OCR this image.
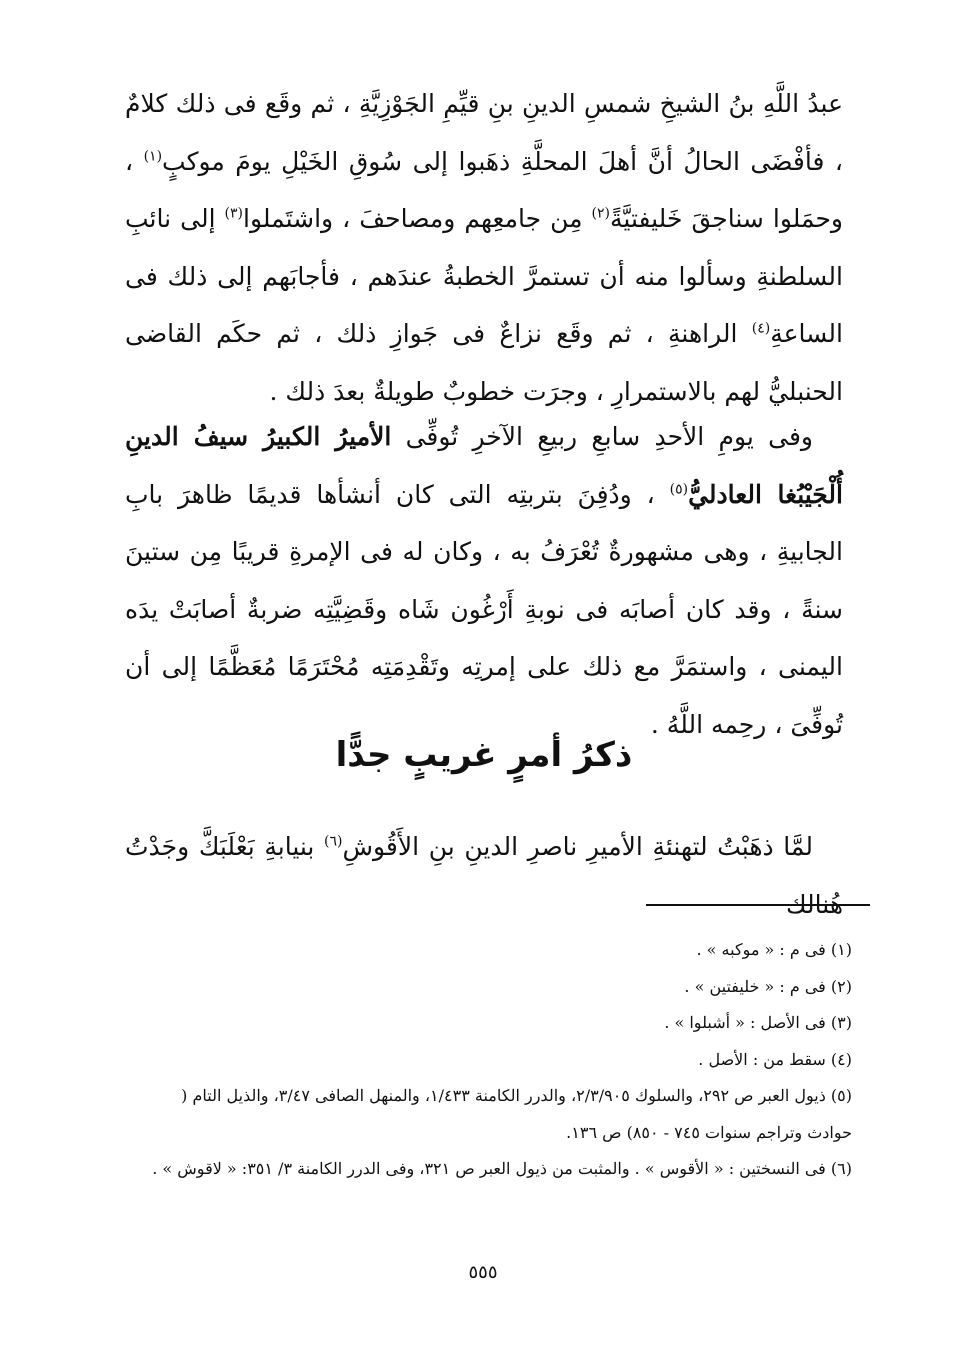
عبدُ اللَّهِ بنُ الشيخِ شمسِ الدينِ بنِ قيِّمِ الجَوْزِيَّةِ ، ثم وقَع فى ذلك كلامٌ ، فأفْضَى الحالُ أنَّ أهلَ المحلَّةِ ذهَبوا إلى سُوقِ الخَيْلِ يومَ موكبٍ$^{(١)}$ ، وحمَلوا سناجقَ خَليفتيَّةً$^{(٢)}$ مِن جامعِهم ومصاحفَ ، واشتَملوا$^{(٣)}$ إلى نائبِ السلطنةِ وسألوا منه أن تستمرَّ الخطبةُ عندَهم ، فأجابَهم إلى ذلك فى الساعةِ$^{(٤)}$ الراهنةِ ، ثم وقَع نزاعٌ فى جَوازِ ذلك ، ثم حكَم القاضى الحنبليُّ لهم بالاستمرارِ ، وجرَت خطوبٌ طويلةٌ بعدَ ذلك .
وفى يومِ الأحدِ سابعِ ربيعِ الآخرِ تُوفِّى الأميرُ الكبيرُ سيفُ الدينِ أُلْجَيْبُغا العادليُّ$^{(٥)}$ ، ودُفِنَ بتربتِه التى كان أنشأها قديمًا ظاهرَ بابِ الجابيةِ ، وهى مشهورةٌ تُعْرَفُ به ، وكان له فى الإمرةِ قريبًا مِن ستينَ سنةً ، وقد كان أصابَه فى نوبةِ أَرْغُون شَاه وقَضِيَّتِه ضربةٌ أصابَتْ يدَه اليمنى ، واستمَرَّ مع ذلك على إمرتِه وتَقْدِمَتِه مُحْتَرَمًا مُعَظَّمًا إلى أن تُوفِّىَ ، رحِمه اللَّهُ .
ذكرُ أمرٍ غريبٍ جدًّا
لمَّا ذهَبْتُ لتهنئةِ الأميرِ ناصرِ الدينِ بنِ الأَقُوشِ$^{(٦)}$ بنيابةِ بَعْلَبَكَّ وجَدْتُ هُنالك

(١) فى م : « موكبه » .

(٢) فى م : « خليفتين » .

(٣) فى الأصل : « أشبلوا » .

(٤) سقط من : الأصل .

(٥) ذيول العبر ص ٢٩٢، والسلوك ٢/٣/٩٠٥، والدرر الكامنة ١/٤٣٣، والمنهل الصافى ٣/٤٧، والذيل التام ( حوادث وتراجم سنوات ٧٤٥ - ٨٥٠) ص ١٣٦.

(٦) فى النسختين : « الأقوس » . والمثبت من ذيول العبر ص ٣٢١، وفى الدرر الكامنة ٣/ ٣٥١: « لاقوش » .

٥٥٥
